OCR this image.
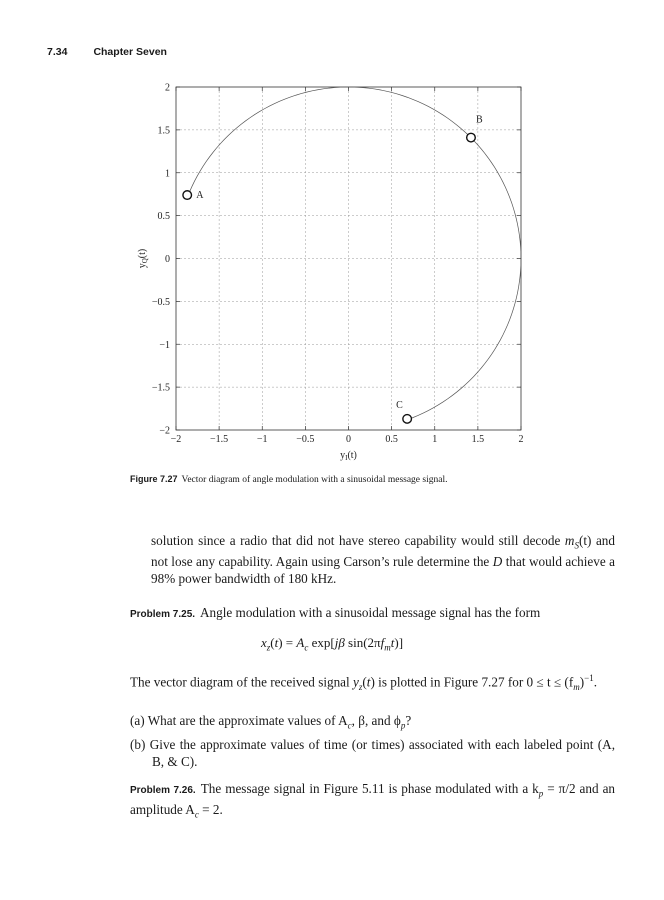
7.34 Chapter Seven
−2	−1.5	−1	−0.5	0	0.5	1	1.5	2
−2
−1.5
−1
−0.5
0
0.5
1
1.5
2
A
B
C
$y_I(t)$
$y_Q(t)$
Figure 7.27 Vector diagram of angle modulation with a sinusoidal message signal.
solution since a radio that did not have stereo capability would still decode $m_S(t)$ and not lose any capability. Again using Carson’s rule determine the D that would achieve a 98% power bandwidth of 180 kHz.
Problem 7.25. Angle modulation with a sinusoidal message signal has the form
$x_z(t) = A_c$ exp[jβ $\sin(2\pi f_mt)$]
The vector diagram of the received signal $y_z(t)$ is plotted in Figure 7.27 for $0 \le t \le (f_m)^{-1}$.
(a) What are the approximate values of $A_c$, β, and $\phi_p$?
(b) Give the approximate values of time (or times) associated with each labeled point (A, B, & C).
Problem 7.26. The message signal in Figure 5.11 is phase modulated with a $k_p = \pi/2$ and an amplitude $A_c = 2$.
